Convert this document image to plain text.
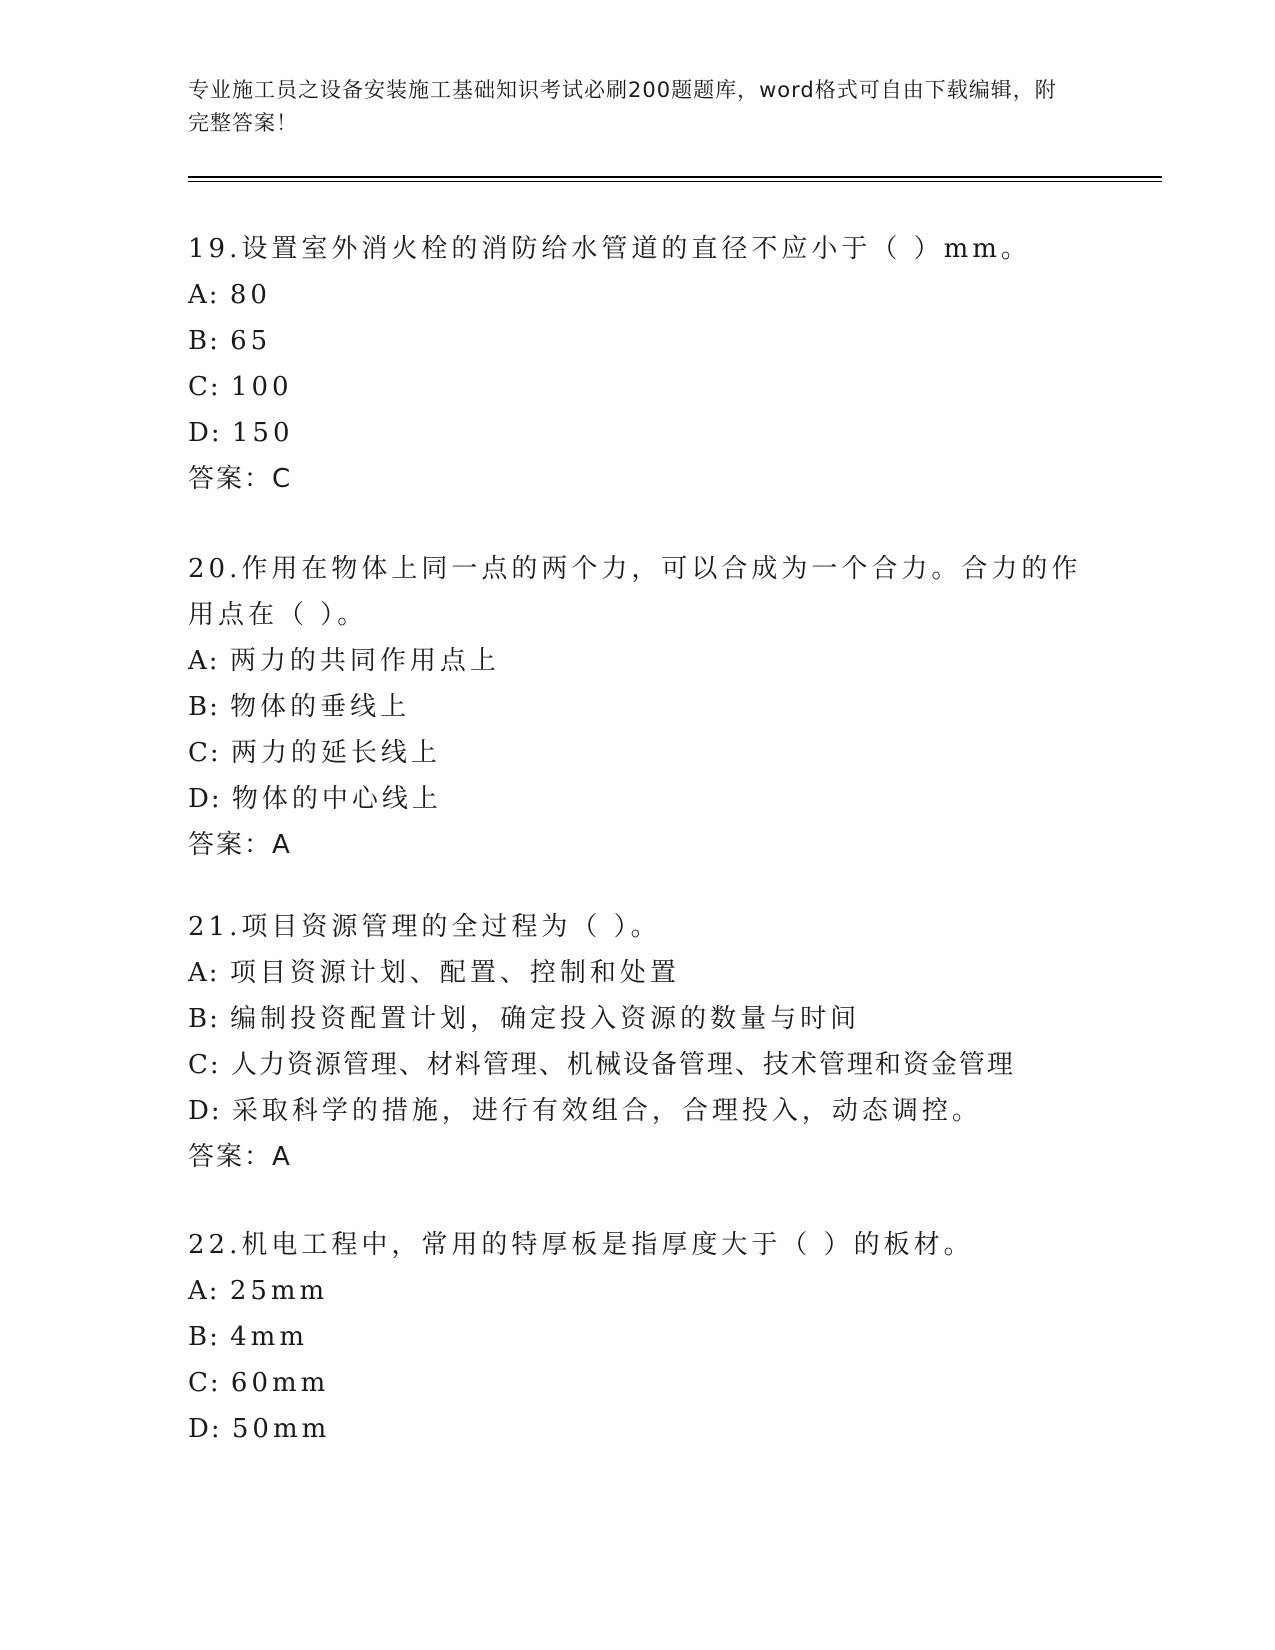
专业施工员之设备安装施工基础知识考试必刷200题题库，word格式可自由下载编辑，附完整答案！

19.设置室外消火栓的消防给水管道的直径不应小于（ ）mm。

A: 80

B: 65

C: 100

D: 150

答案：C

20.作用在物体上同一点的两个力，可以合成为一个合力。合力的作用点在（ ）。

A: 两力的共同作用点上

B: 物体的垂线上

C: 两力的延长线上

D: 物体的中心线上

答案：A

21.项目资源管理的全过程为（ ）。

A: 项目资源计划、配置、控制和处置

B: 编制投资配置计划，确定投入资源的数量与时间

C: 人力资源管理、材料管理、机械设备管理、技术管理和资金管理

D: 采取科学的措施，进行有效组合，合理投入，动态调控。

答案：A

22.机电工程中，常用的特厚板是指厚度大于（ ）的板材。

A: 25mm

B: 4mm

C: 60mm

D: 50mm
